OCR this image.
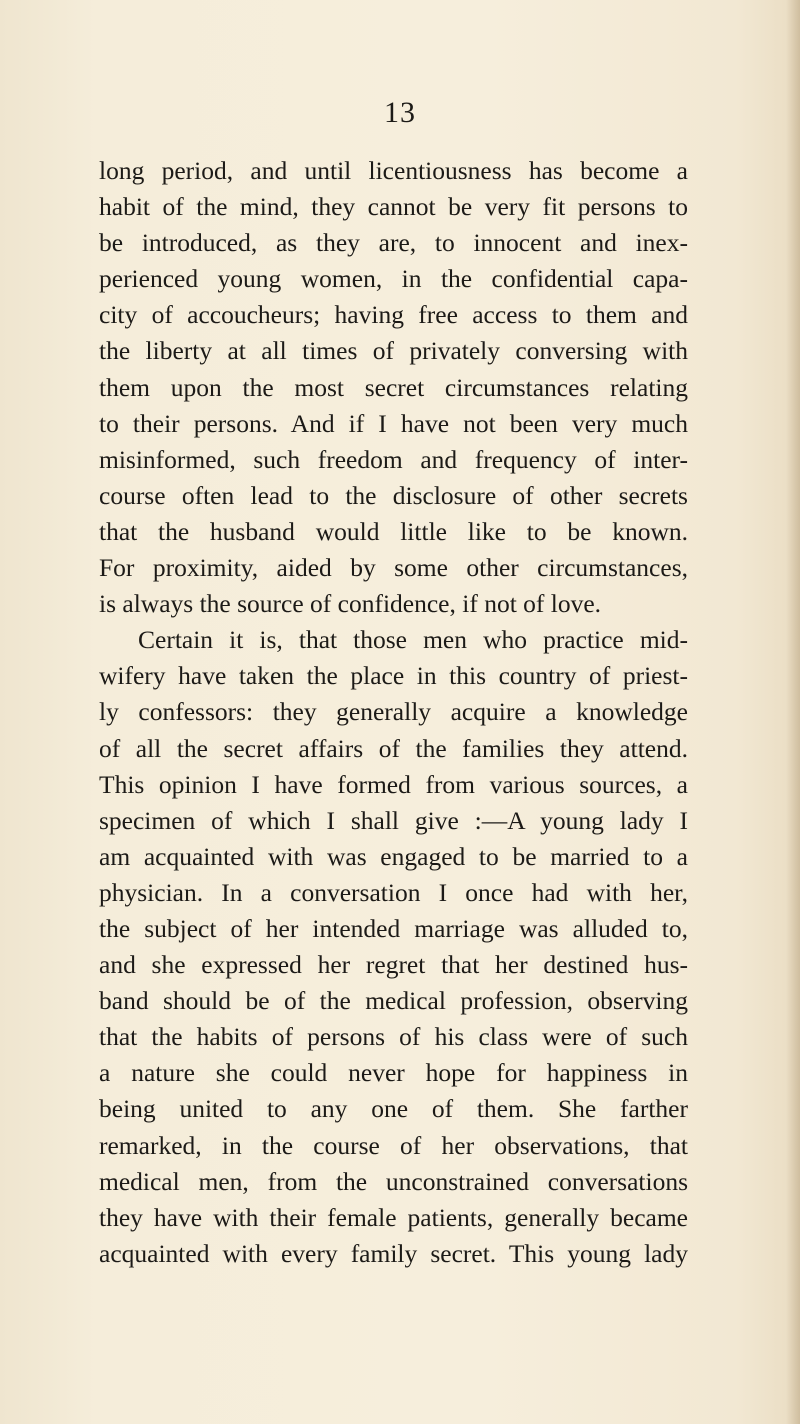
13
long period, and until licentiousness has become a
habit of the mind, they cannot be very fit persons to
be introduced, as they are, to innocent and inex-
perienced young women, in the confidential capa-
city of accoucheurs; having free access to them and
the liberty at all times of privately conversing with
them upon the most secret circumstances relating
to their persons. And if I have not been very much
misinformed, such freedom and frequency of inter-
course often lead to the disclosure of other secrets
that the husband would little like to be known.
For proximity, aided by some other circumstances,
is always the source of confidence, if not of love.
Certain it is, that those men who practice mid-
wifery have taken the place in this country of priest-
ly confessors: they generally acquire a knowledge
of all the secret affairs of the families they attend.
This opinion I have formed from various sources, a
specimen of which I shall give :—A young lady I
am acquainted with was engaged to be married to a
physician. In a conversation I once had with her,
the subject of her intended marriage was alluded to,
and she expressed her regret that her destined hus-
band should be of the medical profession, observing
that the habits of persons of his class were of such
a nature she could never hope for happiness in
being united to any one of them. She farther
remarked, in the course of her observations, that
medical men, from the unconstrained conversations
they have with their female patients, generally became
acquainted with every family secret. This young lady
